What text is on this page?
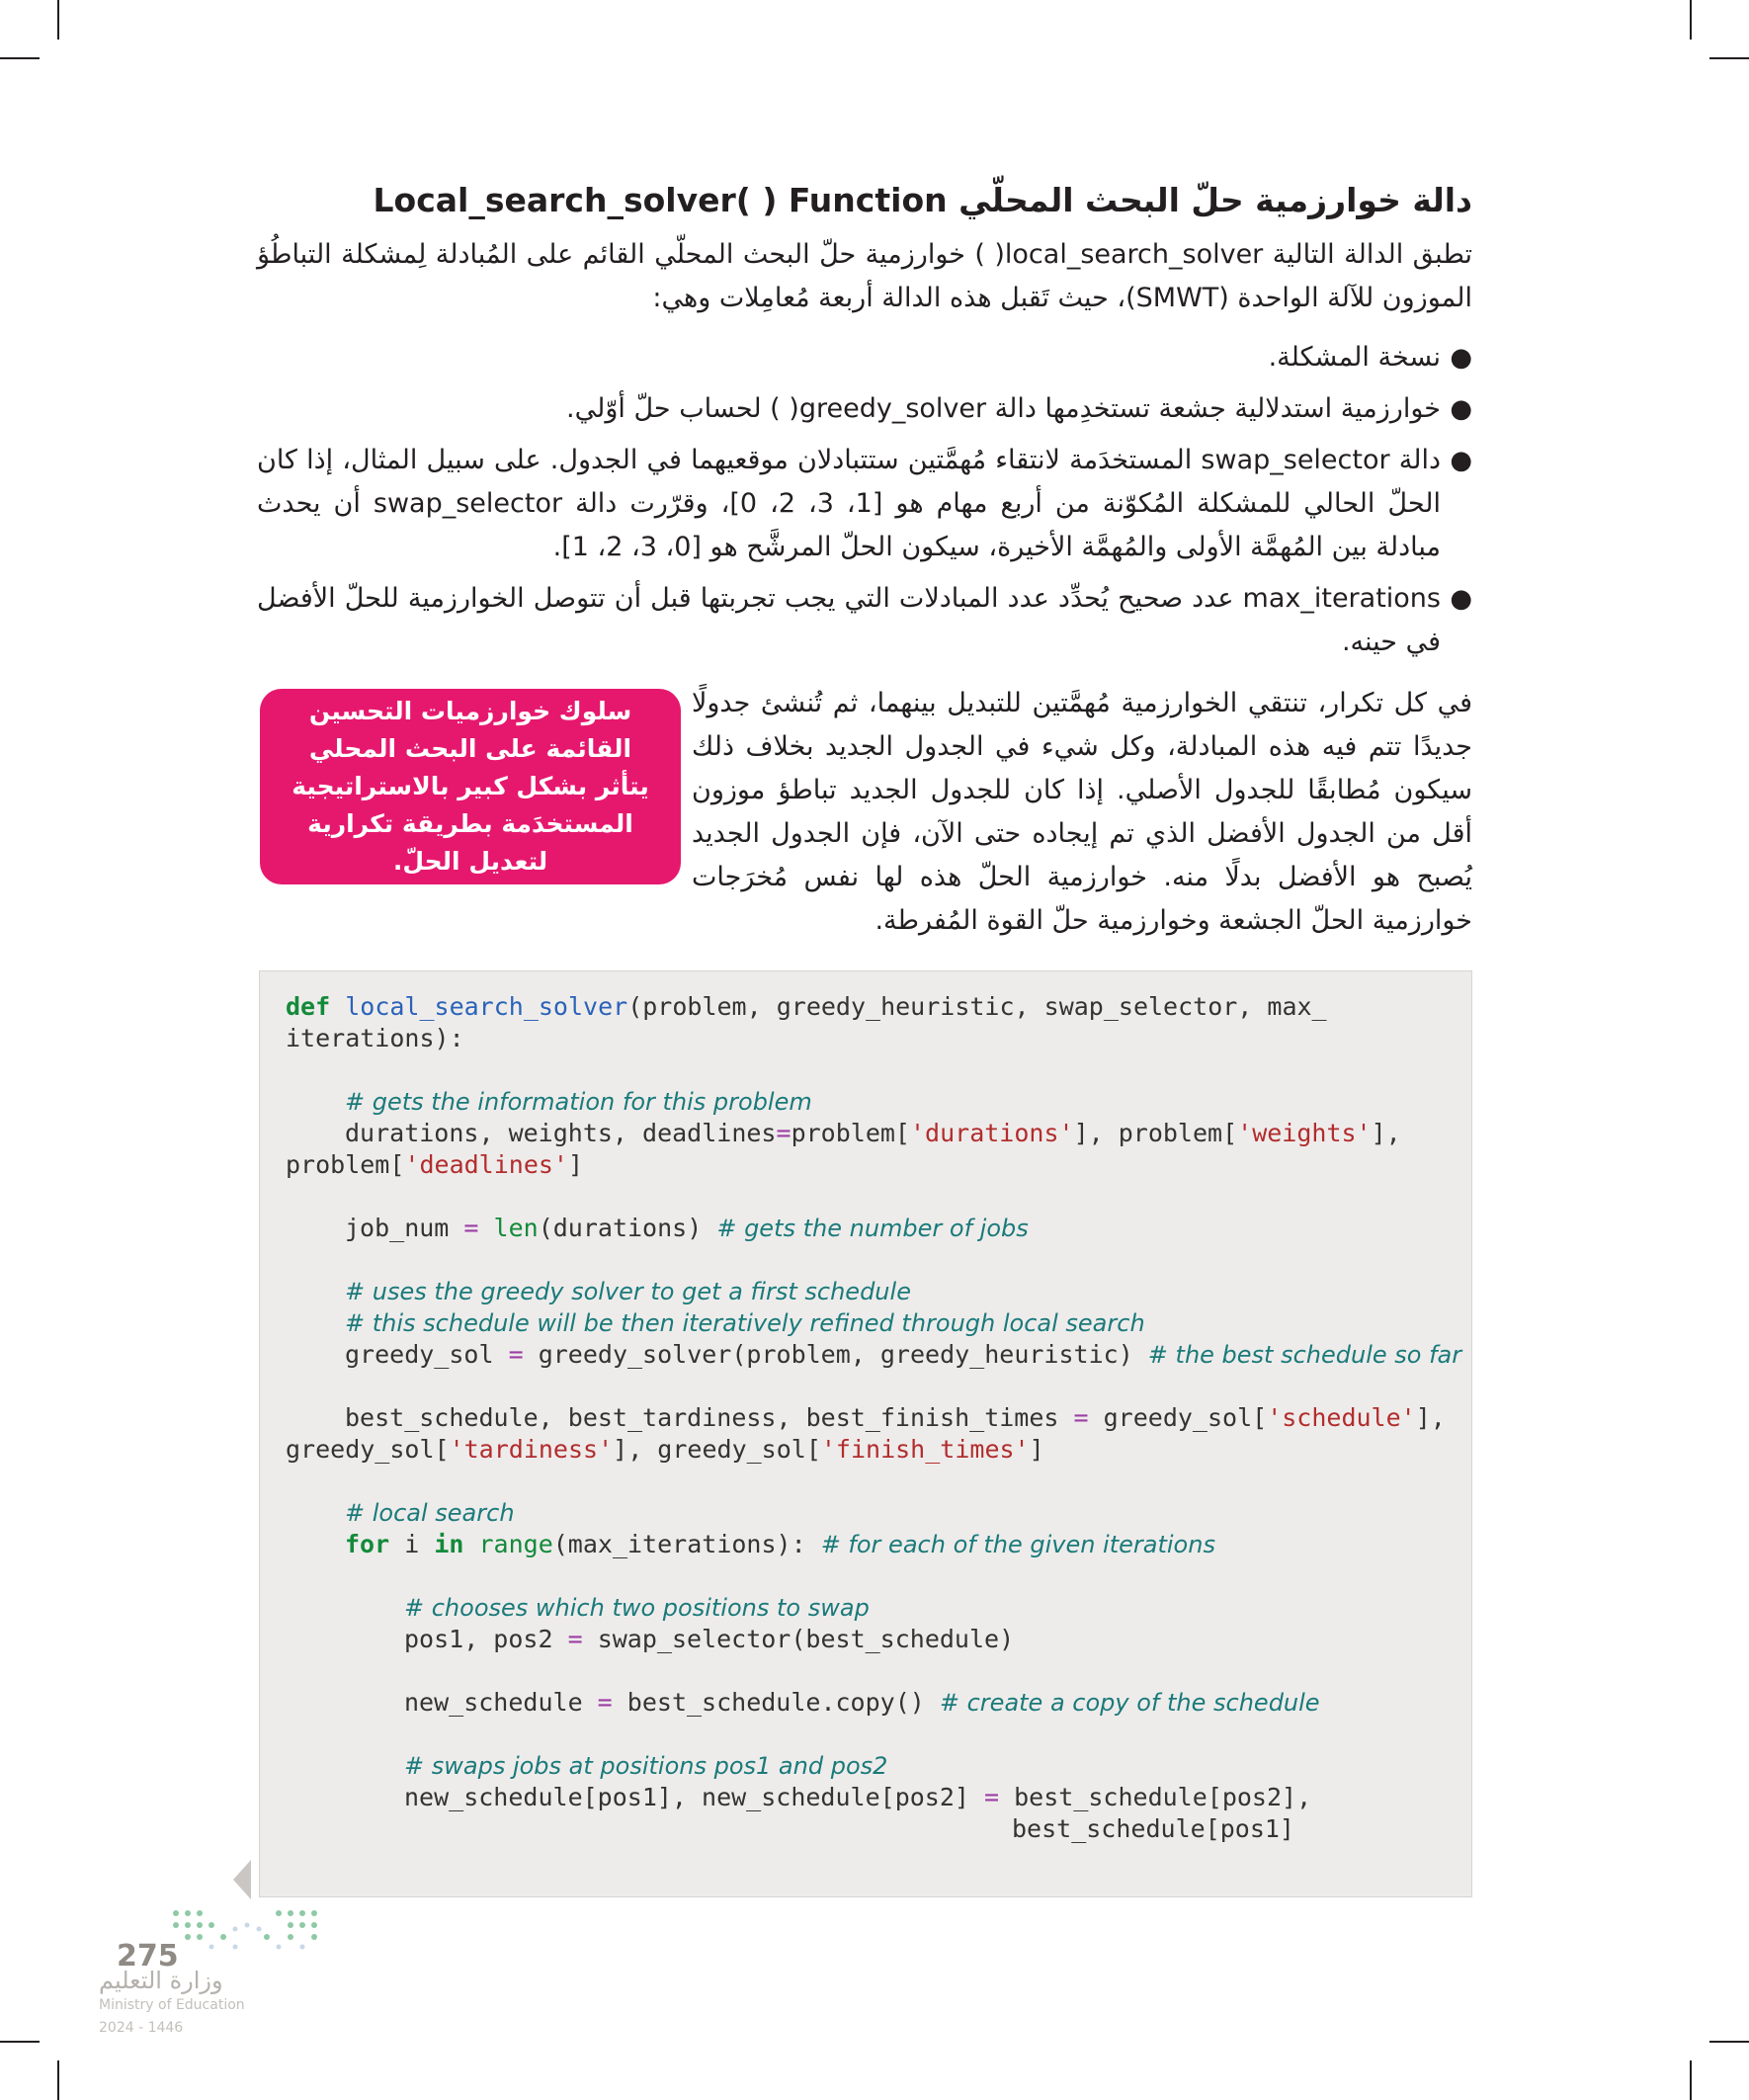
دالة خوارزمية حلّ البحث المحلّي Local_search_solver( ) Function
تطبق الدالة التالية local_search_solver( ) خوارزمية حلّ البحث المحلّي القائم على المُبادلة لِمشكلة التباطُؤ الموزون للآلة الواحدة (SMWT)، حيث تَقبل هذه الدالة أربعة مُعامِلات وهي:
●
نسخة المشكلة.
●
خوارزمية استدلالية جشعة تستخدِمها دالة greedy_solver( ) لحساب حلّ أوّلي.
●
دالة swap_selector المستخدَمة لانتقاء مُهمَّتين ستتبادلان موقعيهما في الجدول. على سبيل المثال، إذا كان الحلّ الحالي للمشكلة المُكوّنة من أربع مهام هو [1، 3، 2، 0]، وقرّرت دالة swap_selector أن يحدث مبادلة بين المُهمَّة الأولى والمُهمَّة الأخيرة، سيكون الحلّ المرشَّح هو [0، 3، 2، 1].
●
max_iterations عدد صحيح يُحدِّد عدد المبادلات التي يجب تجربتها قبل أن تتوصل الخوارزمية للحلّ الأفضل في حينه.
سلوك خوارزميات التحسين القائمة على البحث المحلي يتأثر بشكل كبير بالاستراتيجية المستخدَمة بطريقة تكرارية لتعديل الحلّ.
في كل تكرار، تنتقي الخوارزمية مُهمَّتين للتبديل بينهما، ثم تُنشئ جدولًا جديدًا تتم فيه هذه المبادلة، وكل شيء في الجدول الجديد بخلاف ذلك سيكون مُطابقًا للجدول الأصلي. إذا كان للجدول الجديد تباطؤ موزون أقل من الجدول الأفضل الذي تم إيجاده حتى الآن، فإن الجدول الجديد يُصبح هو الأفضل بدلًا منه. خوارزمية الحلّ هذه لها نفس مُخرَجات خوارزمية الحلّ الجشعة وخوارزمية حلّ القوة المُفرطة.
def local_search_solver(problem, greedy_heuristic, swap_selector, max_
iterations):
# gets the information for this problem
durations, weights, deadlines=problem['durations'], problem['weights'],
problem['deadlines']
job_num = len(durations) # gets the number of jobs
# uses the greedy solver to get a first schedule
# this schedule will be then iteratively refined through local search
greedy_sol = greedy_solver(problem, greedy_heuristic) # the best schedule so far
best_schedule, best_tardiness, best_finish_times = greedy_sol['schedule'],
greedy_sol['tardiness'], greedy_sol['finish_times']
# local search
for i in range(max_iterations): # for each of the given iterations
# chooses which two positions to swap
pos1, pos2 = swap_selector(best_schedule)
new_schedule = best_schedule.copy() # create a copy of the schedule
# swaps jobs at positions pos1 and pos2
new_schedule[pos1], new_schedule[pos2] = best_schedule[pos2],
best_schedule[pos1]
275
وزارة التعليم
Ministry of Education
2024 - 1446
